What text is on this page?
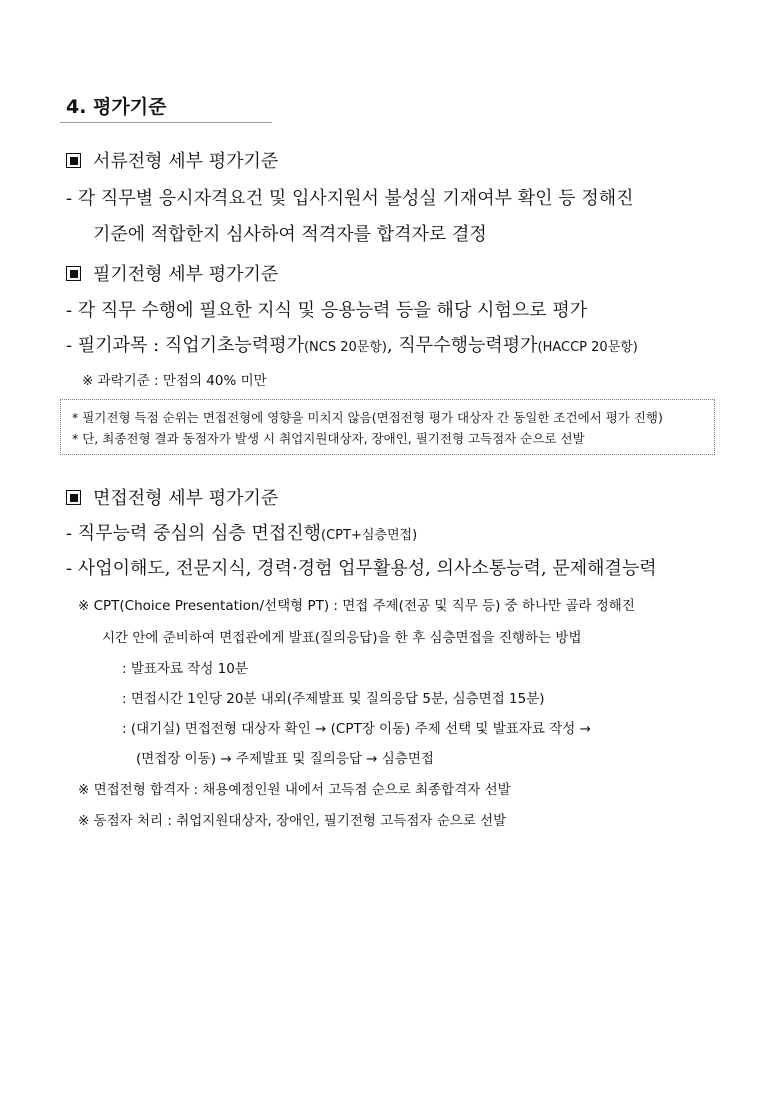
4. 평가기준
서류전형 세부 평가기준
- 각 직무별 응시자격요건 및 입사지원서 불성실 기재여부 확인 등 정해진
기준에 적합한지 심사하여 적격자를 합격자로 결정
필기전형 세부 평가기준
- 각 직무 수행에 필요한 지식 및 응용능력 등을 해당 시험으로 평가
- 필기과목 : 직업기초능력평가(NCS 20문항), 직무수행능력평가(HACCP 20문항)
※ 과락기준 : 만점의 40% 미만
* 필기전형 득점 순위는 면접전형에 영향을 미치지 않음(면접전형 평가 대상자 간 동일한 조건에서 평가 진행)
* 단, 최종전형 결과 동점자가 발생 시 취업지원대상자, 장애인, 필기전형 고득점자 순으로 선발
면접전형 세부 평가기준
- 직무능력 중심의 심층 면접진행(CPT+심층면접)
- 사업이해도, 전문지식, 경력·경험 업무활용성, 의사소통능력, 문제해결능력
※ CPT(Choice Presentation/선택형 PT) : 면접 주제(전공 및 직무 등) 중 하나만 골라 정해진
시간 안에 준비하여 면접관에게 발표(질의응답)을 한 후 심층면접을 진행하는 방법
: 발표자료 작성 10분
: 면접시간 1인당 20분 내외(주제발표 및 질의응답 5분, 심층면접 15분)
: (대기실) 면접전형 대상자 확인 → (CPT장 이동) 주제 선택 및 발표자료 작성 →
(면접장 이동) → 주제발표 및 질의응답 → 심층면접
※ 면접전형 합격자 : 채용예정인원 내에서 고득점 순으로 최종합격자 선발
※ 동점자 처리 : 취업지원대상자, 장애인, 필기전형 고득점자 순으로 선발
